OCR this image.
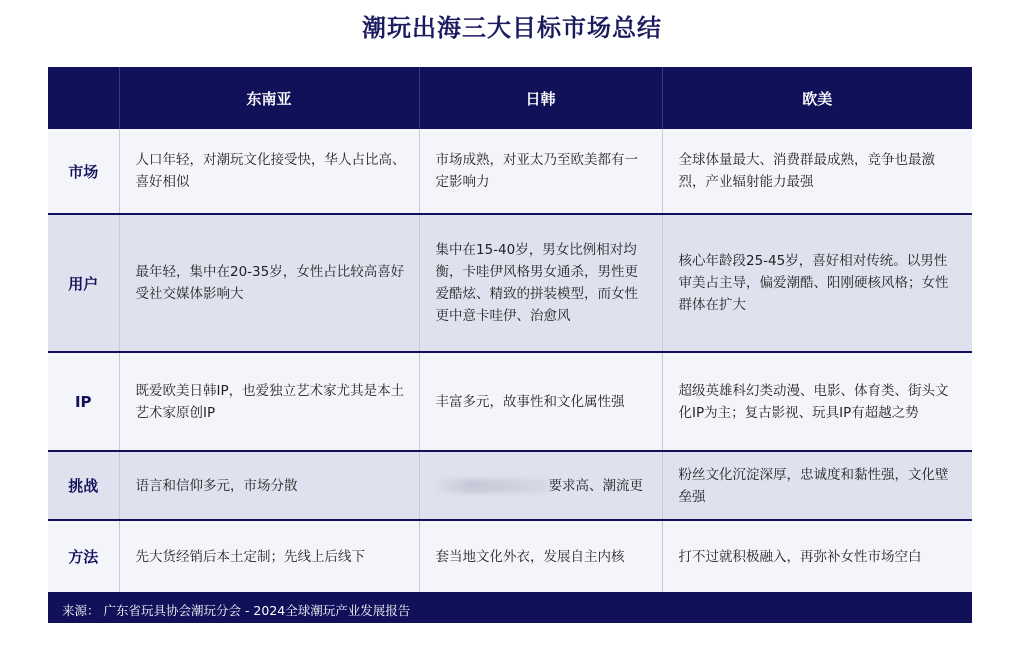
潮玩出海三大目标市场总结
	东南亚	日韩	欧美
市场	人口年轻，对潮玩文化接受快，华人占比高、喜好相似	市场成熟，对亚太乃至欧美都有一定影响力	全球体量最大、消费群最成熟，竞争也最激烈，产业辐射能力最强
用户	最年轻，集中在20-35岁，女性占比较高喜好受社交媒体影响大	集中在15-40岁，男女比例相对均衡，卡哇伊风格男女通杀，男性更爱酷炫、精致的拼装模型，而女性更中意卡哇伊、治愈风	核心年龄段25-45岁，喜好相对传统。以男性审美占主导，偏爱潮酷、阳刚硬核风格；女性群体在扩大
IP	既爱欧美日韩IP，也爱独立艺术家尤其是本土艺术家原创IP	丰富多元，故事性和文化属性强	超级英雄科幻类动漫、电影、体育类、街头文化IP为主；复古影视、玩具IP有超越之势
挑战	语言和信仰多元，市场分散	要求高、潮流更	粉丝文化沉淀深厚，忠诚度和黏性强，文化壁垒强
方法	先大货经销后本土定制；先线上后线下	套当地文化外衣，发展自主内核	打不过就积极融入，再弥补女性市场空白
来源： 广东省玩具协会潮玩分会 - 2024全球潮玩产业发展报告
